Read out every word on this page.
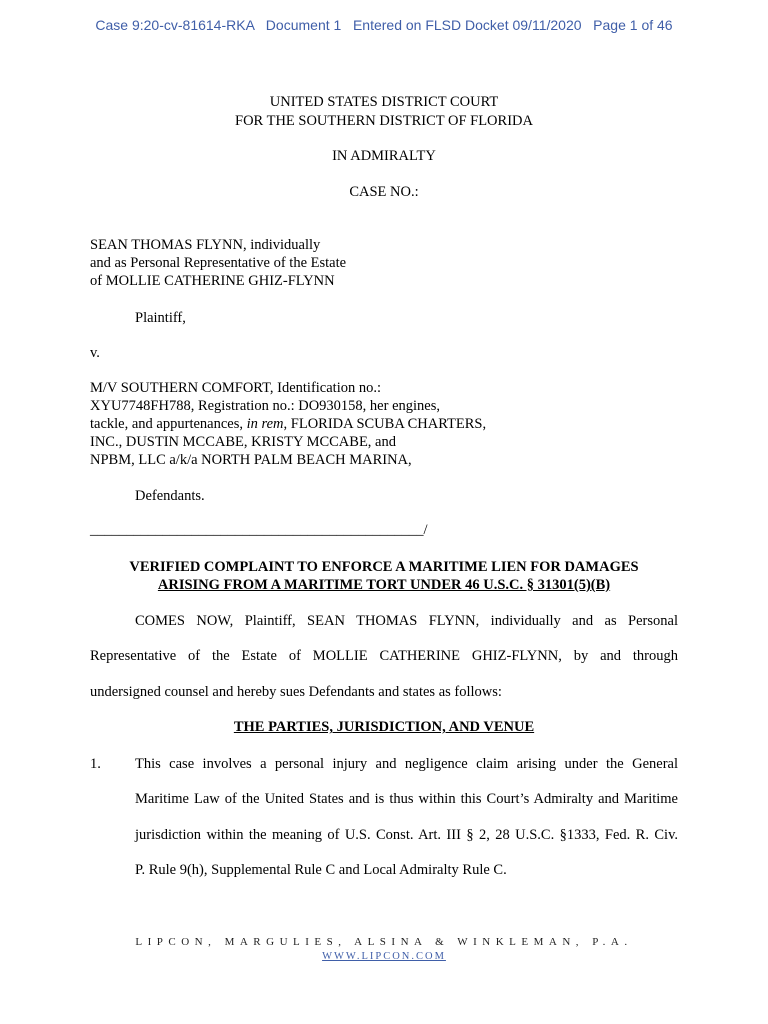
Case 9:20-cv-81614-RKA   Document 1   Entered on FLSD Docket 09/11/2020   Page 1 of 46
UNITED STATES DISTRICT COURT
FOR THE SOUTHERN DISTRICT OF FLORIDA
IN ADMIRALTY
CASE NO.:
SEAN THOMAS FLYNN, individually
and as Personal Representative of the Estate
of MOLLIE CATHERINE GHIZ-FLYNN
Plaintiff,
v.
M/V SOUTHERN COMFORT, Identification no.:
XYU7748FH788, Registration no.: DO930158, her engines,
tackle, and appurtenances, in rem, FLORIDA SCUBA CHARTERS,
INC., DUSTIN MCCABE, KRISTY MCCABE, and
NPBM, LLC a/k/a NORTH PALM BEACH MARINA,
Defendants.
______________________________________________/
VERIFIED COMPLAINT TO ENFORCE A MARITIME LIEN FOR DAMAGES
ARISING FROM A MARITIME TORT UNDER 46 U.S.C. § 31301(5)(B)
COMES NOW, Plaintiff, SEAN THOMAS FLYNN, individually and as Personal
Representative of the Estate of MOLLIE CATHERINE GHIZ-FLYNN, by and through
undersigned counsel and hereby sues Defendants and states as follows:
THE PARTIES, JURISDICTION, AND VENUE
1. This case involves a personal injury and negligence claim arising under the General
Maritime Law of the United States and is thus within this Court’s Admiralty and Maritime
jurisdiction within the meaning of U.S. Const. Art. III § 2, 28 U.S.C. §1333, Fed. R. Civ.
P. Rule 9(h), Supplemental Rule C and Local Admiralty Rule C.
LIPCON, MARGULIES, ALSINA & WINKLEMAN, P.A.
WWW.LIPCON.COM
